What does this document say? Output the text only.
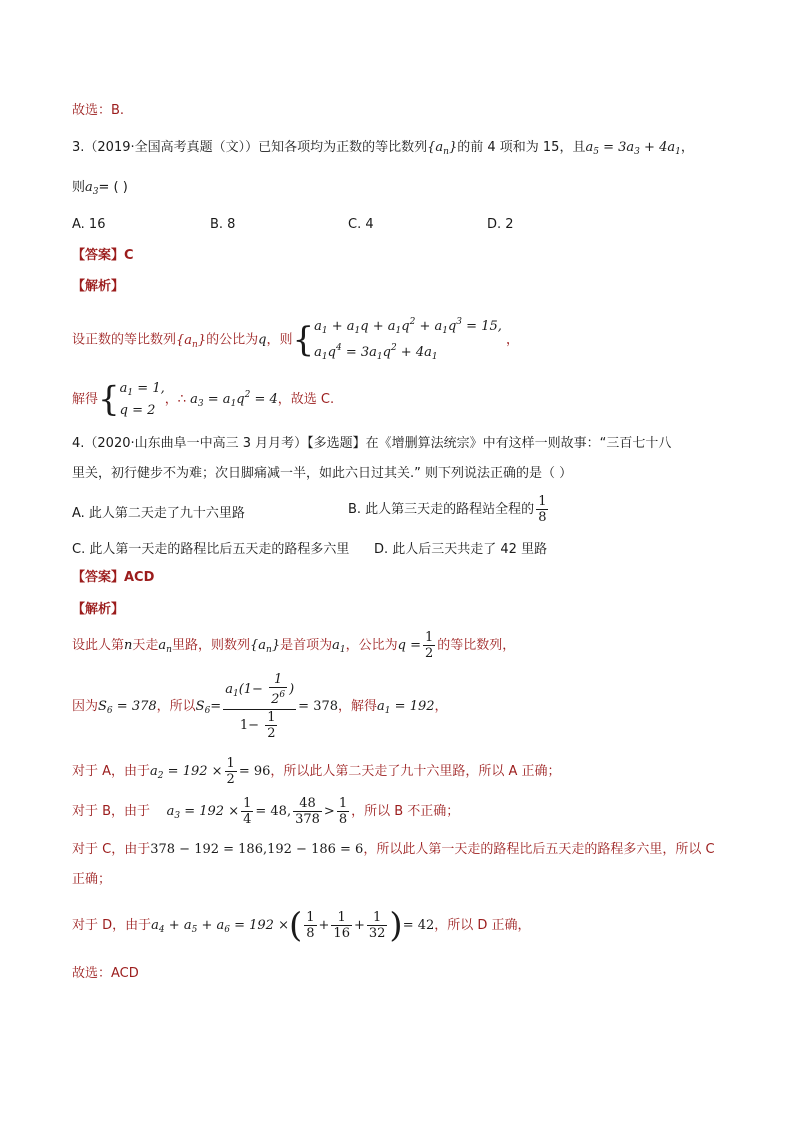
故选：B.
3.（2019·全国高考真题（文））已知各项均为正数的等比数列$\{a_n\}$的前 4 项和为 15，且$a_5 = 3a_3 + 4a_1$，
则$a_3=$ ( )
A. 16	B. 8	C. 4	D. 2
【答案】C
【解析】
设正数的等比数列$\{a_n\}$的公比为q，则{ $a_1 + a_1q + a_1q^2 + a_1q^3 = 15$,
$a_1q^4 = 3a_1q^2 + 4a_1$
，
解得{ $a_1 = 1$,
q = 2
，∴ $a_3 = a_1q^2 = 4$，故选 C.
4.（2020·山东曲阜一中高三 3 月月考）【多选题】在《增删算法统宗》中有这样一则故事：“三百七十八
里关，初行健步不为难；次日脚痛减一半，如此六日过其关.” 则下列说法正确的是（ ）
A. 此人第二天走了九十六里路	B. 此人第三天走的路程站全程的 $\frac{1}{8}$
C. 此人第一天走的路程比后五天走的路程多六里 D. 此人后三天共走了 42 里路
【答案】ACD
【解析】
设此人第n天走$a_n$里路，则数列$\{a_n\}$是首项为$a_1$，公比为$q = \frac{1}{2}$ 的等比数列，
因为$S_6 = 378$，所以$S_6= \frac{a_1(1- \frac{1}{2^6} )}{1- \frac{1}{2}} = 378$，解得$a_1 = 192$，
对于 A，由于$a_2 = 192 \times \frac{1}{2} = 96$，所以此人第二天走了九十六里路，所以 A 正确；
对于 B，由于 $a_3 = 192 \times \frac{1}{4} = 48$, $\frac{48}{378} > \frac{1}{8}$ ，所以 B 不正确；
对于 C，由于378 − 192 = 186,192 − 186 = 6，所以此人第一天走的路程比后五天走的路程多六里，所以 C
正确；
对于 D，由于$a_4 + a_5 + a_6 = 192$ ×( $\frac{1}{8} + \frac{1}{16} + \frac{1}{32}$ )= 42，所以 D 正确，
故选：ACD
